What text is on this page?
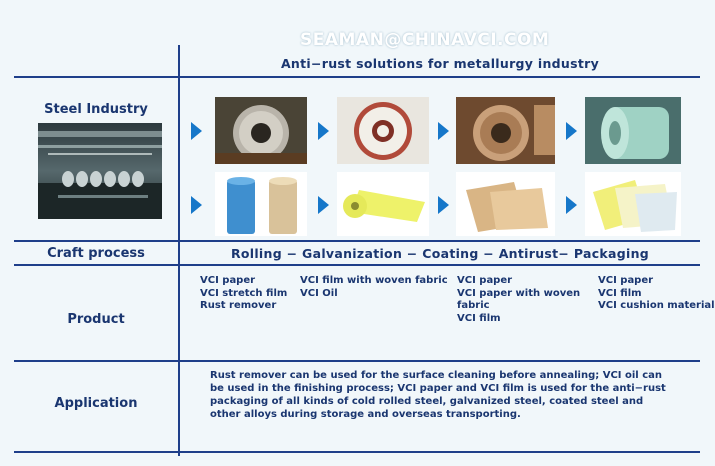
SEAMAN@CHINAVCI.COM
Anti−rust solutions for metallurgy industry
Steel Industry
Craft process
Product
Application
Rolling − Galvanization − Coating − Antirust− Packaging
VCI paper
VCI stretch film
Rust remover
VCI film with woven fabric
VCI Oil
VCI paper
VCI paper with woven
fabric
VCI film
VCI paper
VCI film
VCI cushion material
Rust remover can be used for the surface cleaning before annealing; VCI oil can be used in the finishing process; VCI paper and VCI film is used for the anti−rust packaging of all kinds of cold rolled steel, galvanized steel, coated steel and other alloys during storage and overseas transporting.
